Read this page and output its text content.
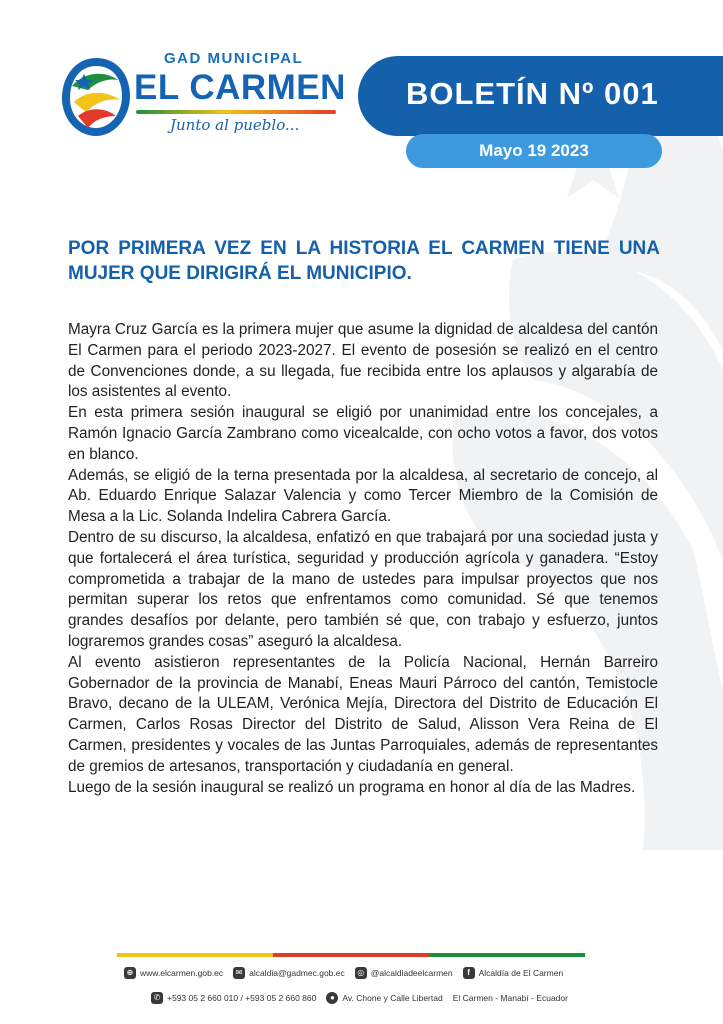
GAD MUNICIPAL
EL CARMEN
Junto al pueblo...
BOLETÍN Nº 001
Mayo 19 2023
POR PRIMERA VEZ EN LA HISTORIA EL CARMEN TIENE UNA MUJER QUE DIRIGIRÁ EL MUNICIPIO.

Mayra Cruz García es la primera mujer que asume la dignidad de alcaldesa del cantón El Carmen para el periodo 2023-2027. El evento de posesión se realizó en el centro de Convenciones donde, a su llegada, fue recibida entre los aplausos y algarabía de los asistentes al evento.

En esta primera sesión inaugural se eligió por unanimidad entre los concejales, a Ramón Ignacio García Zambrano como vicealcalde, con ocho votos a favor, dos votos en blanco.

Además, se eligió de la terna presentada por la alcaldesa, al secretario de concejo, al Ab. Eduardo Enrique Salazar Valencia y como Tercer Miembro de la Comisión de Mesa a la Lic. Solanda Indelira Cabrera García.

Dentro de su discurso, la alcaldesa, enfatizó en que trabajará por una sociedad justa y que fortalecerá el área turística, seguridad y producción agrícola y ganadera. “Estoy comprometida a trabajar de la mano de ustedes para impulsar proyectos que nos permitan superar los retos que enfrentamos como comunidad. Sé que tenemos grandes desafíos por delante, pero también sé que, con trabajo y esfuerzo, juntos lograremos grandes cosas” aseguró la alcaldesa.

Al evento asistieron representantes de la Policía Nacional, Hernán Barreiro Gobernador de la provincia de Manabí, Eneas Mauri Párroco del cantón, Temistocle Bravo, decano de la ULEAM, Verónica Mejía, Directora del Distrito de Educación El Carmen, Carlos Rosas Director del Distrito de Salud, Alisson Vera Reina de El Carmen, presidentes y vocales de las Juntas Parroquiales, además de representantes de gremios de artesanos, transportación y ciudadanía en general.

Luego de la sesión inaugural se realizó un programa en honor al día de las Madres.

⊕ www.elcarmen.gob.ec	✉ alcaldia@gadmec.gob.ec	◎ @alcaldiadeelcarmen	f	Alcaldía de El Carmen
✆ +593 05 2 660 010 / +593 05 2 660 860	● Av. Chone y Calle Libertad El Carmen - Manabí - Ecuador
